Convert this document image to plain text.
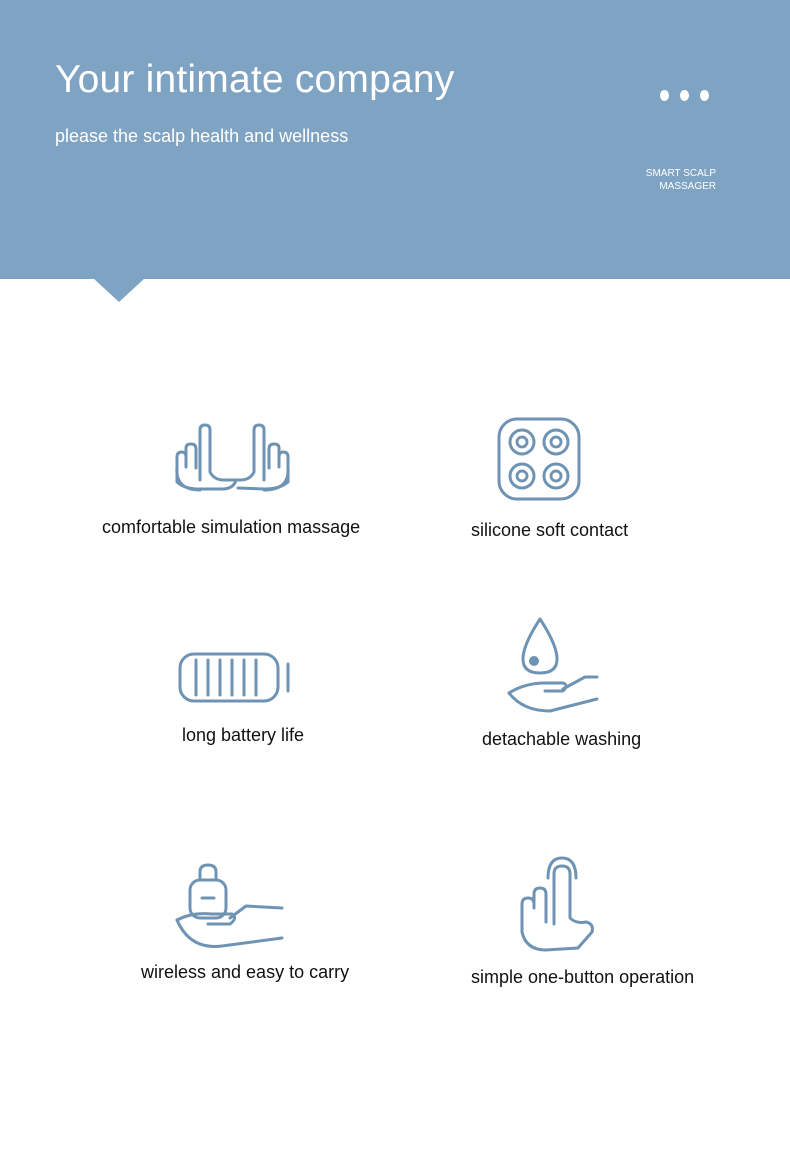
Your intimate company

please the scalp health and wellness

SMART SCALP
MASSAGER
comfortable simulation massage	silicone soft contact
long battery life	detachable washing
wireless and easy to carry	simple one-button operation
